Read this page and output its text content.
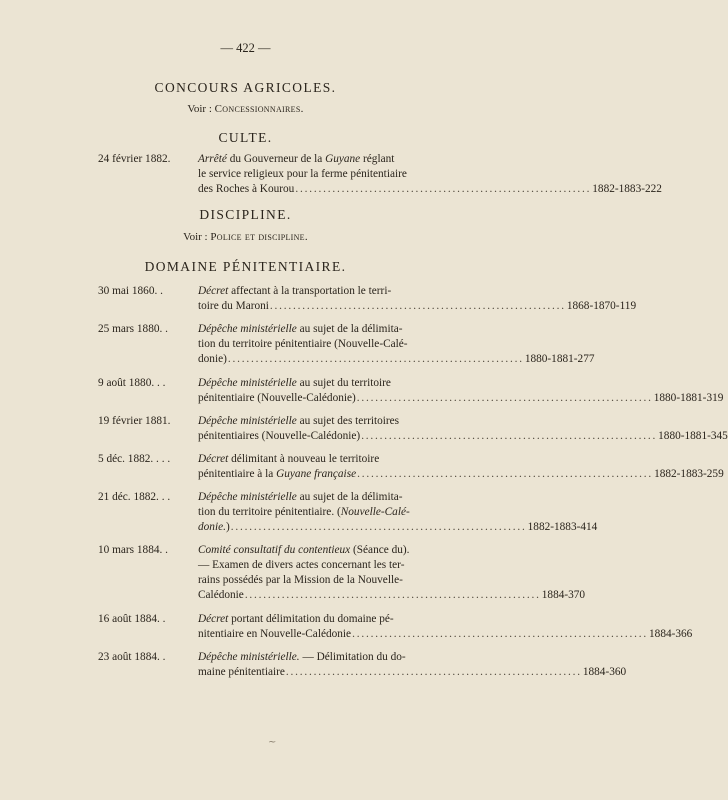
— 422 —
CONCOURS AGRICOLES.
Voir : Concessionnaires.
CULTE.
24 février 1882. Arrêté du Gouverneur de la Guyane réglant
le service religieux pour la ferme pénitentiaire
des Roches à Kourou ................................................................ 1882-1883-222
DISCIPLINE.
Voir : Police et discipline.
DOMAINE PÉNITENTIAIRE.
30 mai 1860. .	Décret affectant à la transportation le terri-
toire du Maroni ................................................................ 1868-1870-119
25 mars 1880. .	Dépêche ministérielle au sujet de la délimita-
tion du territoire pénitentiaire (Nouvelle-Calé-
donie) ................................................................ 1880-1881-277
9 août 1880. . .	Dépêche ministérielle au sujet du territoire
pénitentiaire (Nouvelle-Calédonie) ................................................................ 1880-1881-319
19 février 1881. Dépêche ministérielle au sujet des territoires
pénitentiaires (Nouvelle-Calédonie) ................................................................ 1880-1881-345
5 déc. 1882. . . . Décret délimitant à nouveau le territoire
pénitentiaire à la Guyane française ................................................................ 1882-1883-259
21 déc. 1882. . . Dépêche ministérielle au sujet de la délimita-
tion du territoire pénitentiaire. (Nouvelle-Calé-
donie.) ................................................................ 1882-1883-414
10 mars 1884. .	Comité consultatif du contentieux (Séance du).
— Examen de divers actes concernant les ter-
rains possédés par la Mission de la Nouvelle-
Calédonie ................................................................ 1884-370
16 août 1884. .	Décret portant délimitation du domaine pé-
nitentiaire en Nouvelle-Calédonie ................................................................ 1884-366
23 août 1884. .	Dépêche ministérielle. — Délimitation du do-
maine pénitentiaire ................................................................ 1884-360
~
